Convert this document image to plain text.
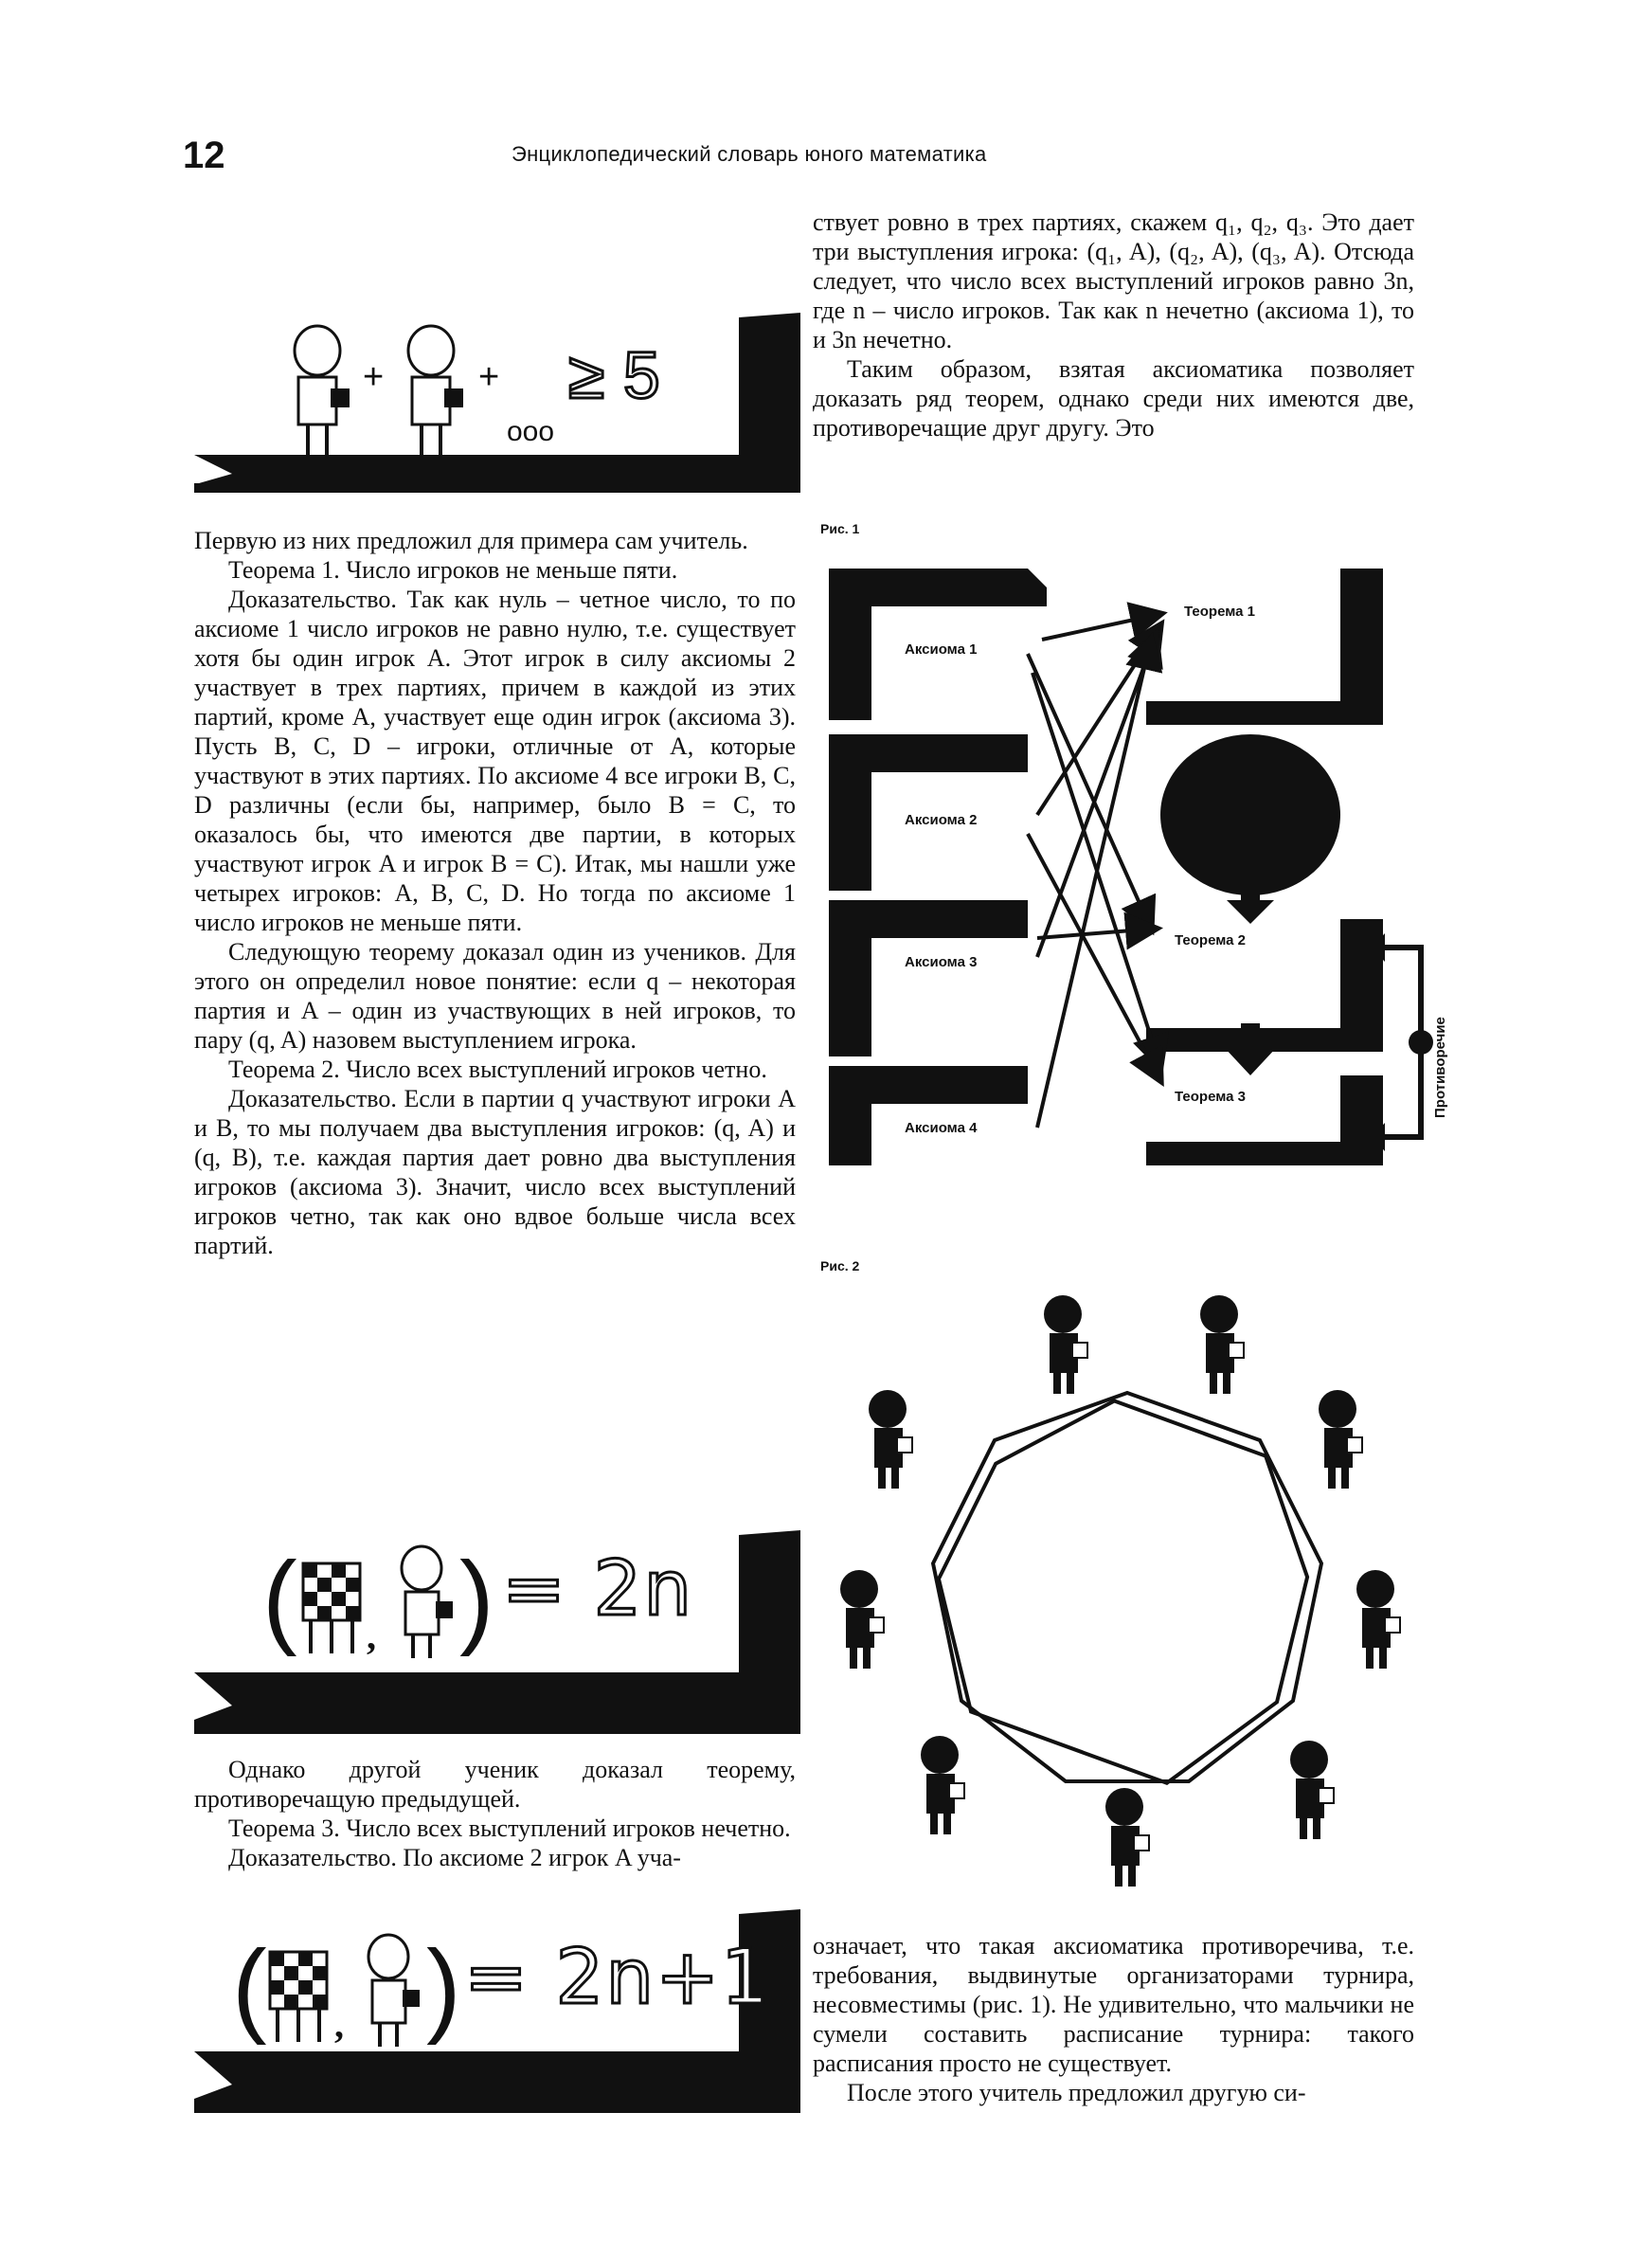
12	Энциклопедический словарь юного математика

ствует ровно в трех партиях, скажем q₁, q₂, q₃. Это дает три выступления игрока: (q₁, A), (q₂, A), (q₃, A). Отсюда следует, что число всех выступлений игроков равно 3n, где n – число игроков. Так как n нечетно (аксиома 1), то и 3n нечетно.

Таким образом, взятая аксиоматика позволяет доказать ряд теорем, однако среди них имеются две, противоречащие друг другу. Это

+	+
ооо
≥ 5

Первую из них предложил для примера сам учитель.

Теорема 1. Число игроков не меньше пяти.

Доказательство. Так как нуль – четное число, то по аксиоме 1 число игроков не равно нулю, т.е. существует хотя бы один игрок A. Этот игрок в силу аксиомы 2 участвует в трех партиях, причем в каждой из этих партий, кроме A, участвует еще один игрок (аксиома 3). Пусть B, C, D – игроки, отличные от A, которые участвуют в этих партиях. По аксиоме 4 все игроки B, C, D различны (если бы, например, было B = C, то оказалось бы, что имеются две партии, в которых участвуют игрок A и игрок B = C). Итак, мы нашли уже четырех игроков: A, B, C, D. Но тогда по аксиоме 1 число игроков не меньше пяти.

Следующую теорему доказал один из учеников. Для этого он определил новое понятие: если q – некоторая партия и A – один из участвующих в ней игроков, то пару (q, A) назовем выступлением игрока.

Теорема 2. Число всех выступлений игроков четно.

Доказательство. Если в партии q участвуют игроки A и B, то мы получаем два выступления игроков: (q, A) и (q, B), т.е. каждая партия дает ровно два выступления игроков (аксиома 3). Значит, число всех выступлений игроков четно, так как оно вдвое больше числа всех партий.

( )
,
= 2n

Однако другой ученик доказал теорему, противоречащую предыдущей.

Теорема 3. Число всех выступлений игроков нечетно.

Доказательство. По аксиоме 2 игрок A уча-

( )
,
= 2n+1 означает, что такая аксиоматика противоречива, т.е. требования, выдвинутые организаторами турнира, несовместимы (рис. 1). Не удивительно, что мальчики не сумели составить расписание турнира: такого расписания просто не существует.

После этого учитель предложил другую си-

Рис. 1
Аксиома 1
Аксиома 2
Аксиома 3
Аксиома 4
Теорема 1
Теорема 2
Теорема 3	Противоречие
Рис. 2
